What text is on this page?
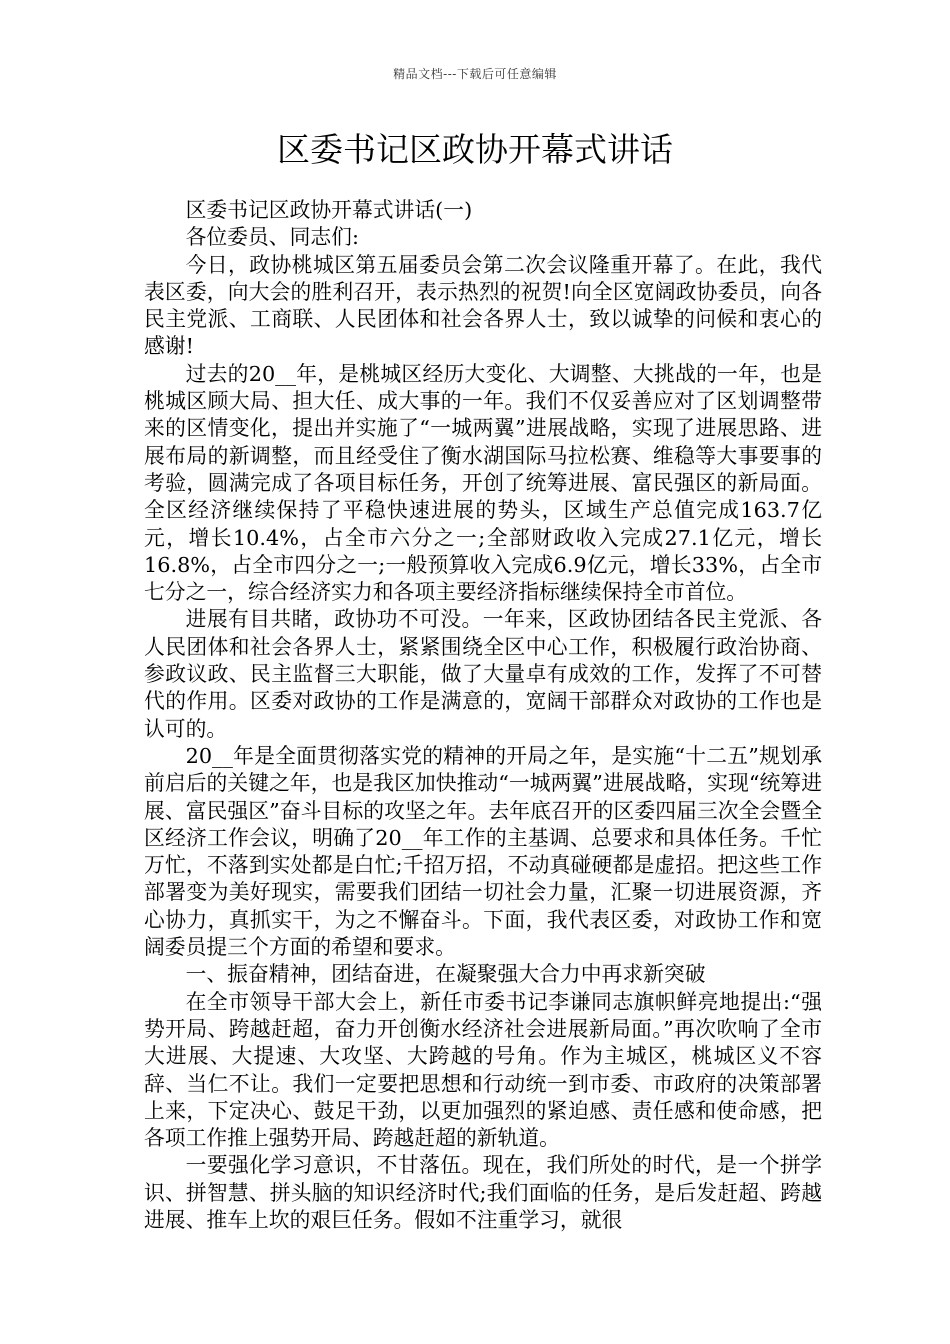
精品文档---下载后可任意编辑
区委书记区政协开幕式讲话

区委书记区政协开幕式讲话(一)

各位委员、同志们:

今日，政协桃城区第五届委员会第二次会议隆重开幕了。在此，我代表区委，向大会的胜利召开，表示热烈的祝贺!向全区宽阔政协委员，向各民主党派、工商联、人民团体和社会各界人士，致以诚挚的问候和衷心的感谢!

过去的20__年，是桃城区经历大变化、大调整、大挑战的一年，也是桃城区顾大局、担大任、成大事的一年。我们不仅妥善应对了区划调整带来的区情变化，提出并实施了“一城两翼”进展战略，实现了进展思路、进展布局的新调整，而且经受住了衡水湖国际马拉松赛、维稳等大事要事的考验，圆满完成了各项目标任务，开创了统筹进展、富民强区的新局面。全区经济继续保持了平稳快速进展的势头，区域生产总值完成163.7亿元，增长10.4%，占全市六分之一;全部财政收入完成27.1亿元，增长16.8%，占全市四分之一;一般预算收入完成6.9亿元，增长33%，占全市七分之一，综合经济实力和各项主要经济指标继续保持全市首位。

进展有目共睹，政协功不可没。一年来，区政协团结各民主党派、各人民团体和社会各界人士，紧紧围绕全区中心工作，积极履行政治协商、参政议政、民主监督三大职能，做了大量卓有成效的工作，发挥了不可替代的作用。区委对政协的工作是满意的，宽阔干部群众对政协的工作也是认可的。

20__年是全面贯彻落实党的精神的开局之年，是实施“十二五”规划承前启后的关键之年，也是我区加快推动“一城两翼”进展战略，实现“统筹进展、富民强区”奋斗目标的攻坚之年。去年底召开的区委四届三次全会暨全区经济工作会议，明确了20__年工作的主基调、总要求和具体任务。千忙万忙，不落到实处都是白忙;千招万招，不动真碰硬都是虚招。把这些工作部署变为美好现实，需要我们团结一切社会力量，汇聚一切进展资源，齐心协力，真抓实干，为之不懈奋斗。下面，我代表区委，对政协工作和宽阔委员提三个方面的希望和要求。

一、振奋精神，团结奋进，在凝聚强大合力中再求新突破

在全市领导干部大会上，新任市委书记李谦同志旗帜鲜亮地提出:“强势开局、跨越赶超，奋力开创衡水经济社会进展新局面。”再次吹响了全市大进展、大提速、大攻坚、大跨越的号角。作为主城区，桃城区义不容辞、当仁不让。我们一定要把思想和行动统一到市委、市政府的决策部署上来，下定决心、鼓足干劲，以更加强烈的紧迫感、责任感和使命感，把各项工作推上强势开局、跨越赶超的新轨道。

一要强化学习意识，不甘落伍。现在，我们所处的时代，是一个拼学识、拼智慧、拼头脑的知识经济时代;我们面临的任务，是后发赶超、跨越进展、推车上坎的艰巨任务。假如不注重学习，就很
